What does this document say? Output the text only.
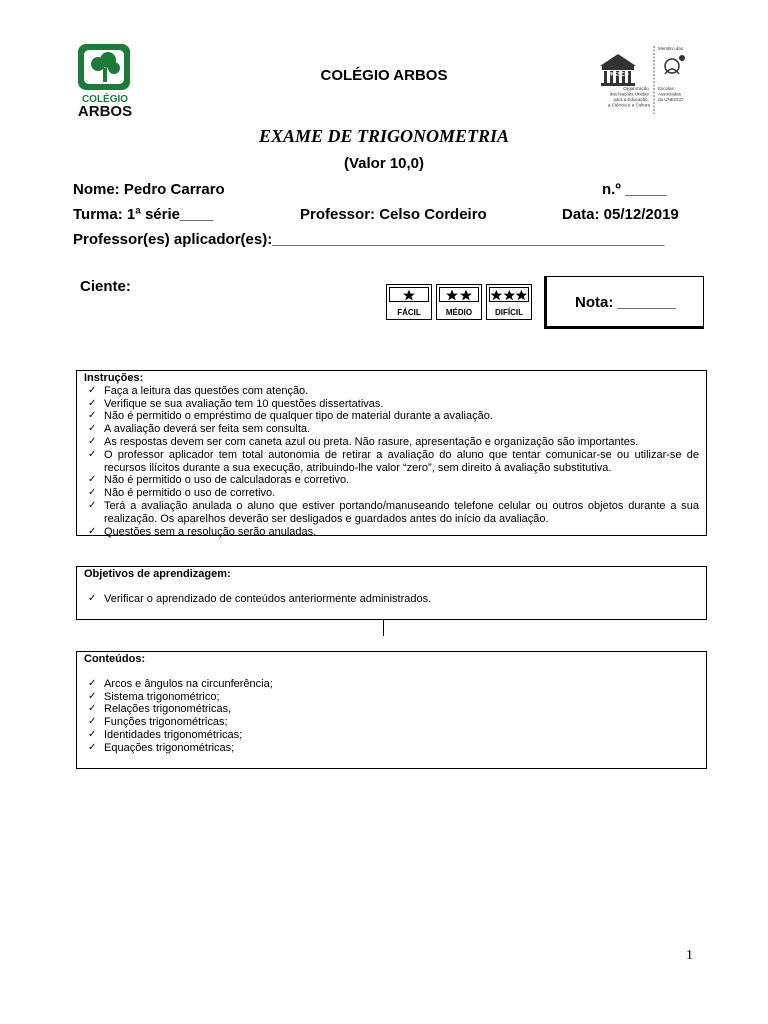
COLÉGIO
ARBOS
UNESCO
Organização das Nações Unidas para a Educação, a Ciência e a Cultura
Membro das
Escolas Associadas da UNESCO
COLÉGIO ARBOS
EXAME DE TRIGONOMETRIA
(Valor 10,0)
Nome: Pedro Carraro	n.º _____
Turma: 1ª série____	Professor: Celso Cordeiro	Data: 05/12/2019
Professor(es) aplicador(es):_______________________________________________
Ciente:
FÁCIL	MÉDIO	DIFÍCIL
Nota: _______
Instruções:
✓ Faça a leitura das questões com atenção.
✓ Verifique se sua avaliação tem 10 questões dissertativas.
✓ Não é permitido o empréstimo de qualquer tipo de material durante a avaliação.
✓ A avaliação deverá ser feita sem consulta.
✓ As respostas devem ser com caneta azul ou preta. Não rasure, apresentação e organização são importantes.
✓ O professor aplicador tem total autonomia de retirar a avaliação do aluno que tentar comunicar-se ou utilizar-se de recursos ilícitos durante a sua execução, atribuindo-lhe valor “zero”, sem direito à avaliação substitutiva.
✓ Não é permitido o uso de calculadoras e corretivo.
✓ Não é permitido o uso de corretivo.
✓ Terá a avaliação anulada o aluno que estiver portando/manuseando telefone celular ou outros objetos durante a sua realização. Os aparelhos deverão ser desligados e guardados antes do início da avaliação.
✓ Questões sem a resolução serão anuladas.
Objetivos de aprendizagem:
✓ Verificar o aprendizado de conteúdos anteriormente administrados.
Conteúdos:
✓ Arcos e ângulos na circunferência;
✓ Sistema trigonométrico;
✓ Relações trigonométricas,
✓ Funções trigonométricas;
✓ Identidades trigonométricas;
✓ Equações trigonométricas;
1
